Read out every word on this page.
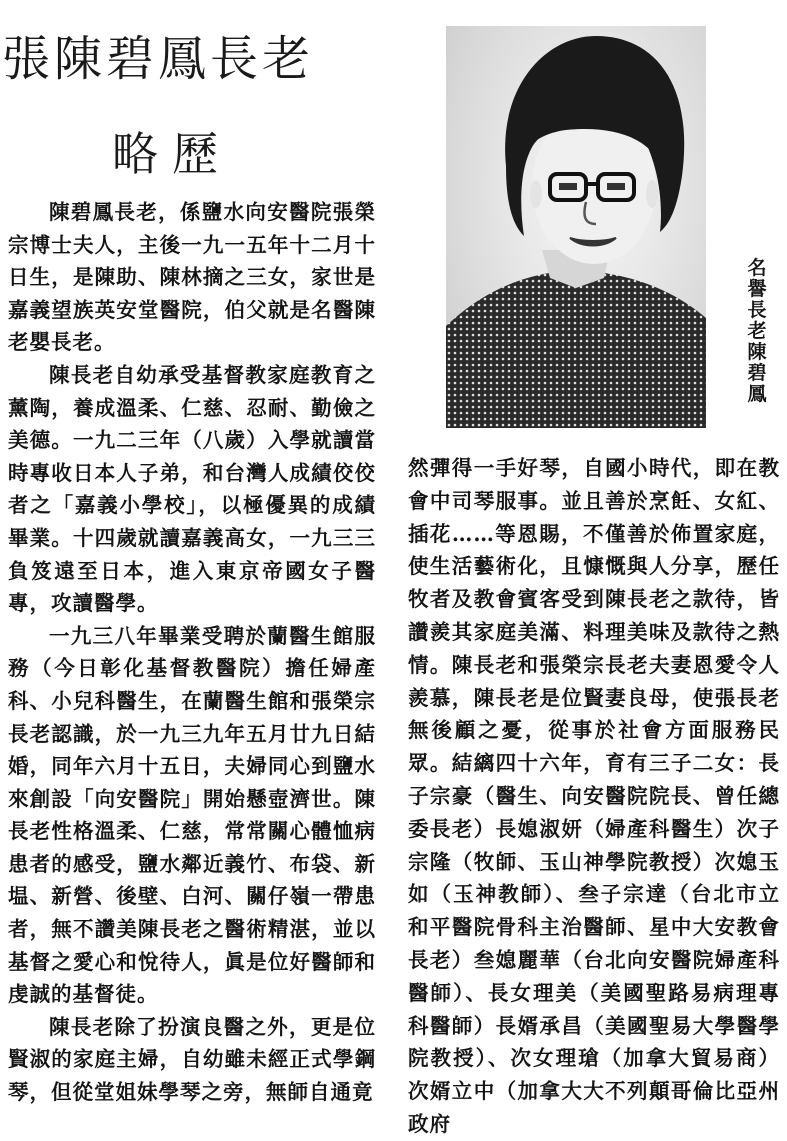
張陳碧鳳長老
略歷

陳碧鳳長老，係鹽水向安醫院張榮宗博士夫人，主後一九一五年十二月十日生，是陳助、陳林摘之三女，家世是嘉義望族英安堂醫院，伯父就是名醫陳老嬰長老。

陳長老自幼承受基督教家庭教育之薰陶，養成溫柔、仁慈、忍耐、勤儉之美德。一九二三年（八歲）入學就讀當時專收日本人子弟，和台灣人成績佼佼者之「嘉義小學校」，以極優異的成績畢業。十四歲就讀嘉義高女，一九三三負笈遠至日本，進入東京帝國女子醫專，攻讀醫學。

一九三八年畢業受聘於蘭醫生館服務（今日彰化基督教醫院）擔任婦產科、小兒科醫生，在蘭醫生館和張榮宗長老認識，於一九三九年五月廿九日結婚，同年六月十五日，夫婦同心到鹽水來創設「向安醫院」開始懸壺濟世。陳長老性格溫柔、仁慈，常常關心體恤病患者的感受，鹽水鄰近義竹、布袋、新塭、新營、後壁、白河、關仔嶺一帶患者，無不讚美陳長老之醫術精湛，並以基督之愛心和悅待人，眞是位好醫師和虔誠的基督徒。

陳長老除了扮演良醫之外，更是位賢淑的家庭主婦，自幼雖未經正式學鋼琴，但從堂姐妹學琴之旁，無師自通竟

名譽長老陳碧鳳

然彈得一手好琴，自國小時代，即在教會中司琴服事。並且善於烹飪、女紅、插花……等恩賜，不僅善於佈置家庭，使生活藝術化，且慷慨與人分享，歷任牧者及教會賓客受到陳長老之款待，皆讚羨其家庭美滿、料理美味及款待之熱情。陳長老和張榮宗長老夫妻恩愛令人羨慕，陳長老是位賢妻良母，使張長老無後顧之憂，從事於社會方面服務民眾。結縭四十六年，育有三子二女：長子宗豪（醫生、向安醫院院長、曾任總委長老）長媳淑妍（婦產科醫生）次子宗隆（牧師、玉山神學院教授）次媳玉如（玉神教師）、叁子宗達（台北市立和平醫院骨科主治醫師、星中大安教會長老）叁媳麗華（台北向安醫院婦產科醫師）、長女理美（美國聖路易病理專科醫師）長婿承昌（美國聖易大學醫學院教授）、次女理瑲（加拿大貿易商）次婿立中（加拿大大不列顛哥倫比亞州政府
